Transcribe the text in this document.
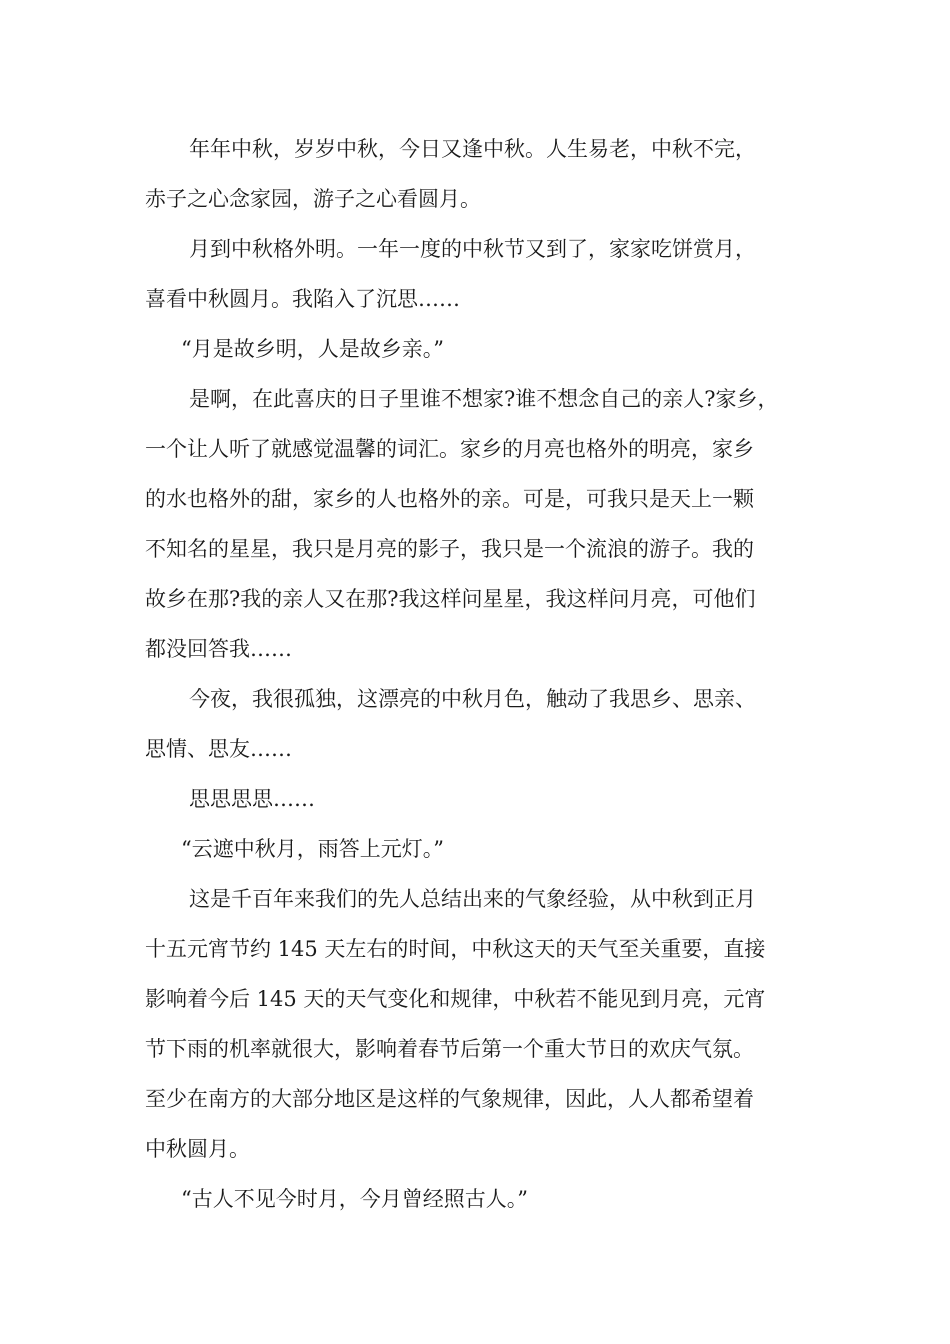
年年中秋，岁岁中秋，今日又逢中秋。人生易老，中秋不完，
赤子之心念家园，游子之心看圆月。
月到中秋格外明。一年一度的中秋节又到了，家家吃饼赏月，
喜看中秋圆月。我陷入了沉思……
“月是故乡明，人是故乡亲。”
是啊，在此喜庆的日子里谁不想家?谁不想念自己的亲人?家乡，
一个让人听了就感觉温馨的词汇。家乡的月亮也格外的明亮，家乡
的水也格外的甜，家乡的人也格外的亲。可是，可我只是天上一颗
不知名的星星，我只是月亮的影子，我只是一个流浪的游子。我的
故乡在那?我的亲人又在那?我这样问星星，我这样问月亮，可他们
都没回答我……
今夜，我很孤独，这漂亮的中秋月色，触动了我思乡、思亲、
思情、思友……
思思思思……
“云遮中秋月，雨答上元灯。”
这是千百年来我们的先人总结出来的气象经验，从中秋到正月
十五元宵节约 145 天左右的时间，中秋这天的天气至关重要，直接
影响着今后 145 天的天气变化和规律，中秋若不能见到月亮，元宵
节下雨的机率就很大，影响着春节后第一个重大节日的欢庆气氛。
至少在南方的大部分地区是这样的气象规律，因此，人人都希望着
中秋圆月。
“古人不见今时月，今月曾经照古人。”
